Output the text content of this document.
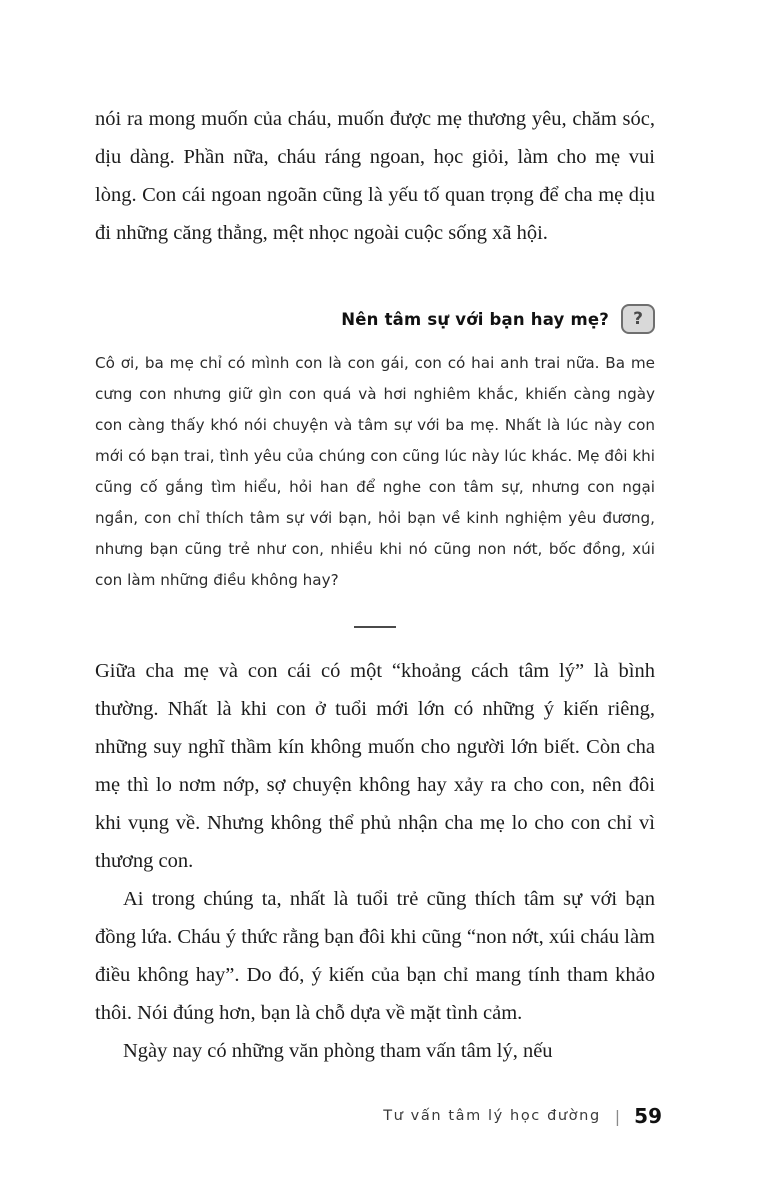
nói ra mong muốn của cháu, muốn được mẹ thương yêu, chăm sóc, dịu dàng. Phần nữa, cháu ráng ngoan, học giỏi, làm cho mẹ vui lòng. Con cái ngoan ngoãn cũng là yếu tố quan trọng để cha mẹ dịu đi những căng thẳng, mệt nhọc ngoài cuộc sống xã hội.

Nên tâm sự với bạn hay mẹ?	?

Cô ơi, ba mẹ chỉ có mình con là con gái, con có hai anh trai nữa. Ba me cưng con nhưng giữ gìn con quá và hơi nghiêm khắc, khiến càng ngày con càng thấy khó nói chuyện và tâm sự với ba mẹ. Nhất là lúc này con mới có bạn trai, tình yêu của chúng con cũng lúc này lúc khác. Mẹ đôi khi cũng cố gắng tìm hiểu, hỏi han để nghe con tâm sự, nhưng con ngại ngần, con chỉ thích tâm sự với bạn, hỏi bạn về kinh nghiệm yêu đương, nhưng bạn cũng trẻ như con, nhiều khi nó cũng non nớt, bốc đồng, xúi con làm những điều không hay?

Giữa cha mẹ và con cái có một “khoảng cách tâm lý” là bình thường. Nhất là khi con ở tuổi mới lớn có những ý kiến riêng, những suy nghĩ thầm kín không muốn cho người lớn biết. Còn cha mẹ thì lo nơm nớp, sợ chuyện không hay xảy ra cho con, nên đôi khi vụng về. Nhưng không thể phủ nhận cha mẹ lo cho con chỉ vì thương con.

Ai trong chúng ta, nhất là tuổi trẻ cũng thích tâm sự với bạn đồng lứa. Cháu ý thức rằng bạn đôi khi cũng “non nớt, xúi cháu làm điều không hay”. Do đó, ý kiến của bạn chỉ mang tính tham khảo thôi. Nói đúng hơn, bạn là chỗ dựa về mặt tình cảm.

Ngày nay có những văn phòng tham vấn tâm lý, nếu

Tư vấn tâm lý học đường | 59
